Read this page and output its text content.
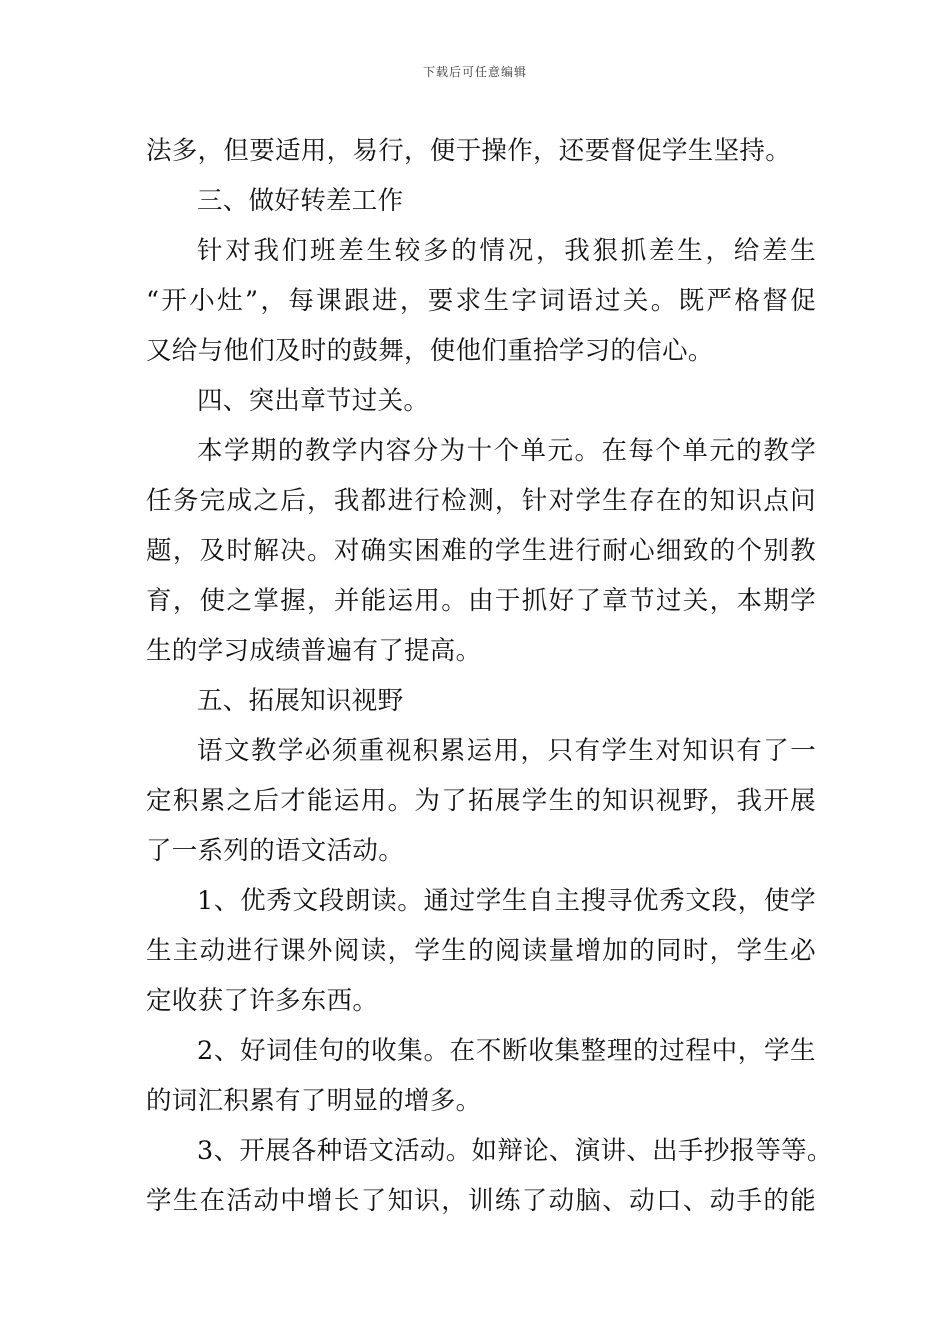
下载后可任意编辑
法多，但要适用，易行，便于操作，还要督促学生坚持。
三、做好转差工作
针对我们班差生较多的情况，我狠抓差生，给差生
“开小灶”，每课跟进，要求生字词语过关。既严格督促
又给与他们及时的鼓舞，使他们重拾学习的信心。
四、突出章节过关。
本学期的教学内容分为十个单元。在每个单元的教学
任务完成之后，我都进行检测，针对学生存在的知识点问
题，及时解决。对确实困难的学生进行耐心细致的个别教
育，使之掌握，并能运用。由于抓好了章节过关，本期学
生的学习成绩普遍有了提高。
五、拓展知识视野
语文教学必须重视积累运用，只有学生对知识有了一
定积累之后才能运用。为了拓展学生的知识视野，我开展
了一系列的语文活动。
1、优秀文段朗读。通过学生自主搜寻优秀文段，使学
生主动进行课外阅读，学生的阅读量增加的同时，学生必
定收获了许多东西。
2、好词佳句的收集。在不断收集整理的过程中，学生
的词汇积累有了明显的增多。
3、开展各种语文活动。如辩论、演讲、出手抄报等等。
学生在活动中增长了知识，训练了动脑、动口、动手的能
